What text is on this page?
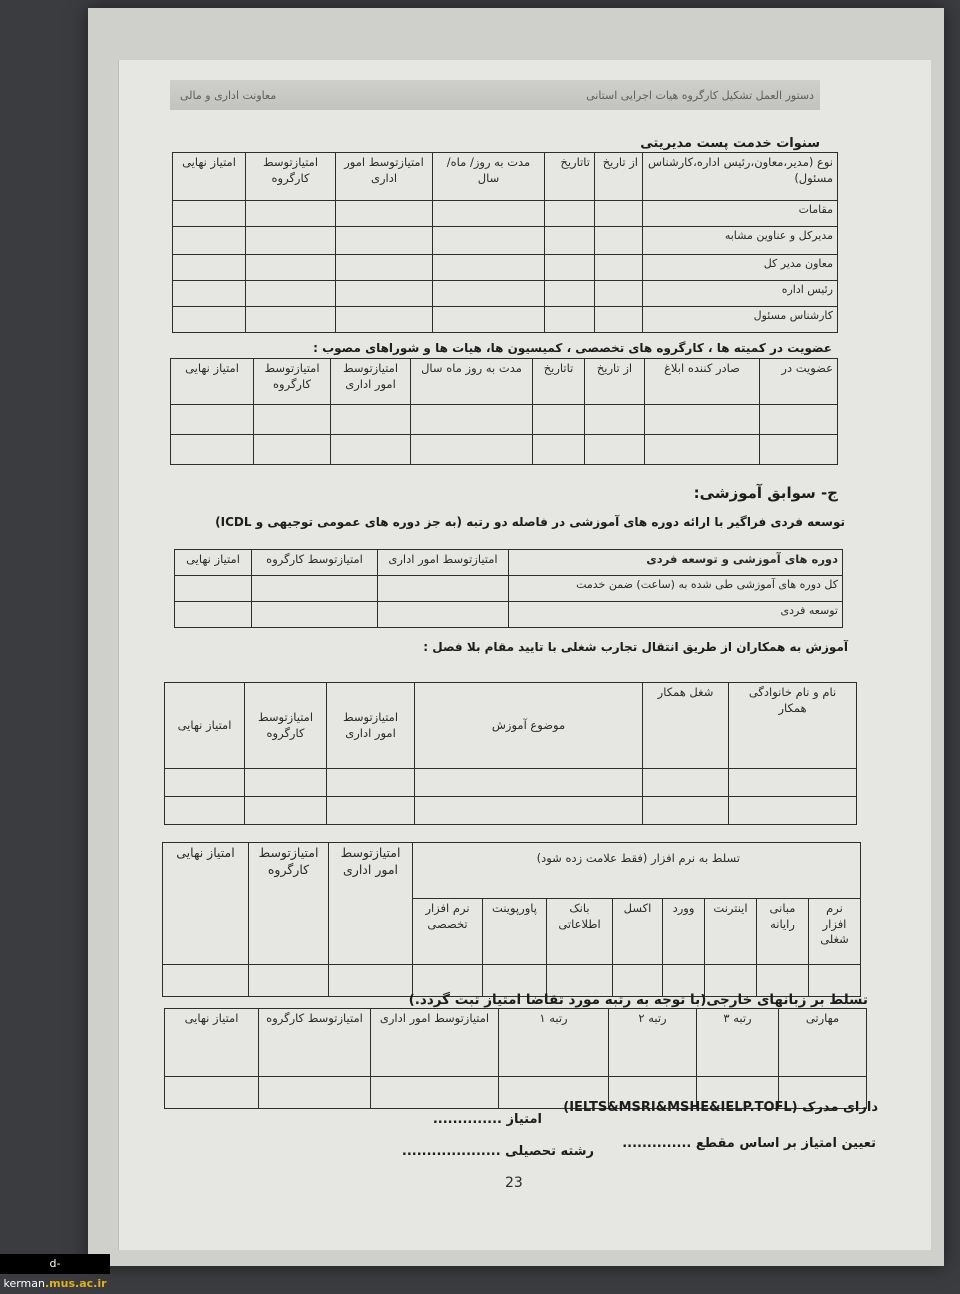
دستور العمل تشکیل کارگروه هیات اجرایی استانی
معاونت اداری و مالی
سنوات خدمت پست مدیریتی
نوع (مدیر،معاون،رئیس اداره،کارشناس مسئول)	از تاریخ	تاتاریخ	مدت به روز/ ماه/ سال	امتیازتوسط امور اداری	امتیازتوسط کارگروه	امتیاز نهایی
مقامات						
مدیرکل و عناوین مشابه						
معاون مدیر کل						
رئیس اداره						
کارشناس مسئول						
عضویت در کمیته ها ، کارگروه های تخصصی ، کمیسیون ها، هیات ها و شوراهای مصوب :
عضویت در	صادر کننده ابلاغ	از تاریخ	تاتاریخ	مدت به روز ماه سال	امتیازتوسط امور اداری	امتیازتوسط کارگروه	امتیاز نهایی

ج- سوابق آموزشی:
توسعه فردی فراگیر با ارائه دوره های آموزشی در فاصله دو رتبه (به جز دوره های عمومی توجیهی و ICDL)
دوره های آموزشی و توسعه فردی	امتیازتوسط امور اداری	امتیازتوسط کارگروه	امتیاز نهایی
کل دوره های آموزشی طی شده به (ساعت) ضمن خدمت			
توسعه فردی			
آموزش به همکاران از طریق انتقال تجارب شغلی با تایید مقام بلا فصل :
نام و نام خانوادگی همکار	شغل همکار	موضوع آموزش	امتیازتوسط امور اداری	امتیازتوسط کارگروه	امتیاز نهایی

تسلط به نرم افزار (فقط علامت زده شود)								امتیازتوسط امور اداری	امتیازتوسط کارگروه	امتیاز نهایی
نرم افزار شغلی	مبانی رایانه	اینترنت	وورد	اکسل	بانک اطلاعاتی	پاورپوینت	نرم افزار تخصصی			

تسلط بر زبانهای خارجی(با توجه به رتبه مورد تقاضا امتیاز ثبت گردد.)
مهارتی	رتبه ۳	رتبه ۲	رتبه ۱	امتیازتوسط امور اداری	امتیازتوسط کارگروه	امتیاز نهایی

دارای مدرک (IELTS&MSRI&MSHE&IELP.TOFL)
امتیاز ..............
تعیین امتیاز بر اساس مقطع ..............
رشته تحصیلی ....................
23
d-kerman.mus.ac.ir
